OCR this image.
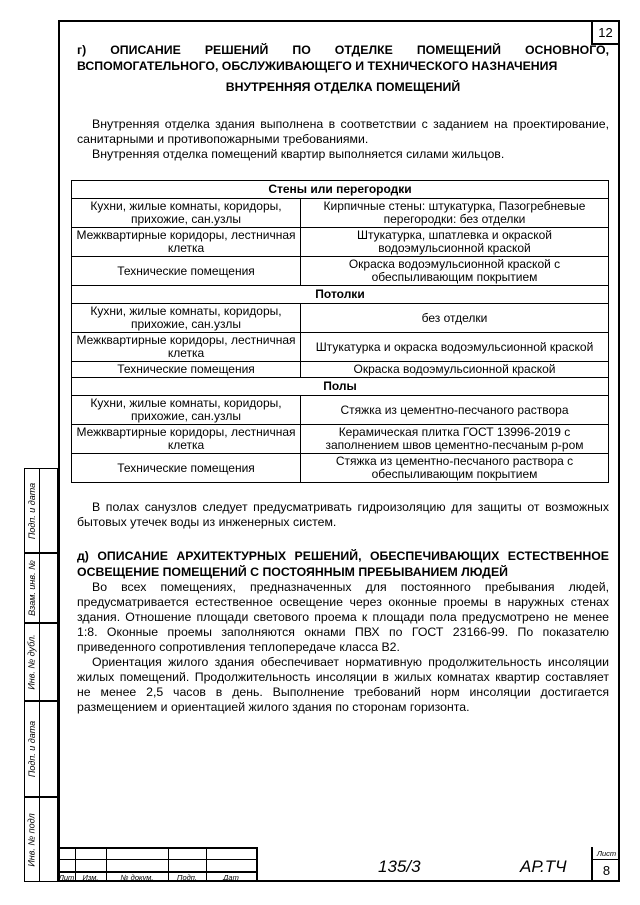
12
г) ОПИСАНИЕ РЕШЕНИЙ ПО ОТДЕЛКЕ ПОМЕЩЕНИЙ ОСНОВНОГО, ВСПОМОГАТЕЛЬНОГО, ОБСЛУЖИВАЮЩЕГО И ТЕХНИЧЕСКОГО НАЗНАЧЕНИЯ
ВНУТРЕННЯЯ ОТДЕЛКА ПОМЕЩЕНИЙ

Внутренняя отделка здания выполнена в соответствии с заданием на проектирование, санитарными и противопожарными требованиями.

Внутренняя отделка помещений квартир выполняется силами жильцов.

Стены или перегородки	
Кухни, жилые комнаты, коридоры, прихожие, сан.узлы	Кирпичные стены: штукатурка, Пазогребневые перегородки: без отделки
Межквартирные коридоры, лестничная клетка	Штукатурка, шпатлевка и окраской водоэмульсионной краской
Технические помещения	Окраска водоэмульсионной краской с обеспыливающим покрытием
Потолки	
Кухни, жилые комнаты, коридоры, прихожие, сан.узлы	без отделки
Межквартирные коридоры, лестничная клетка	Штукатурка и окраска водоэмульсионной краской
Технические помещения	Окраска водоэмульсионной краской
Полы	
Кухни, жилые комнаты, коридоры, прихожие, сан.узлы	Стяжка из цементно-песчаного раствора
Межквартирные коридоры, лестничная клетка	Керамическая плитка ГОСТ 13996-2019 с заполнением швов цементно-песчаным р-ром
Технические помещения	Стяжка из цементно-песчаного раствора с обеспыливающим покрытием

В полах санузлов следует предусматривать гидроизоляцию для защиты от возможных бытовых утечек воды из инженерных систем.

д) ОПИСАНИЕ АРХИТЕКТУРНЫХ РЕШЕНИЙ, ОБЕСПЕЧИВАЮЩИХ ЕСТЕСТВЕННОЕ ОСВЕЩЕНИЕ ПОМЕЩЕНИЙ С ПОСТОЯННЫМ ПРЕБЫВАНИЕМ ЛЮДЕЙ

Во всех помещениях, предназначенных для постоянного пребывания людей, предусматривается естественное освещение через оконные проемы в наружных стенах здания. Отношение площади светового проема к площади пола предусмотрено не менее 1:8. Оконные проемы заполняются окнами ПВХ по ГОСТ 23166-99. По показателю приведенного сопротивления теплопередаче класса В2.

Ориентация жилого здания обеспечивает нормативную продолжительность инсоляции жилых помещений. Продолжительность инсоляции в жилых комнатах квартир составляет не менее 2,5 часов в день. Выполнение требований норм инсоляции достигается размещением и ориентацией жилого здания по сторонам горизонта.

Подп. и дата
Взам. инв. №
Инв. № дубл.
Подп. и дата
Инв. № подл
Лит	Изм.	№ докум.	Подп.	Дат
135/3	АР.ТЧ
Лист
8
